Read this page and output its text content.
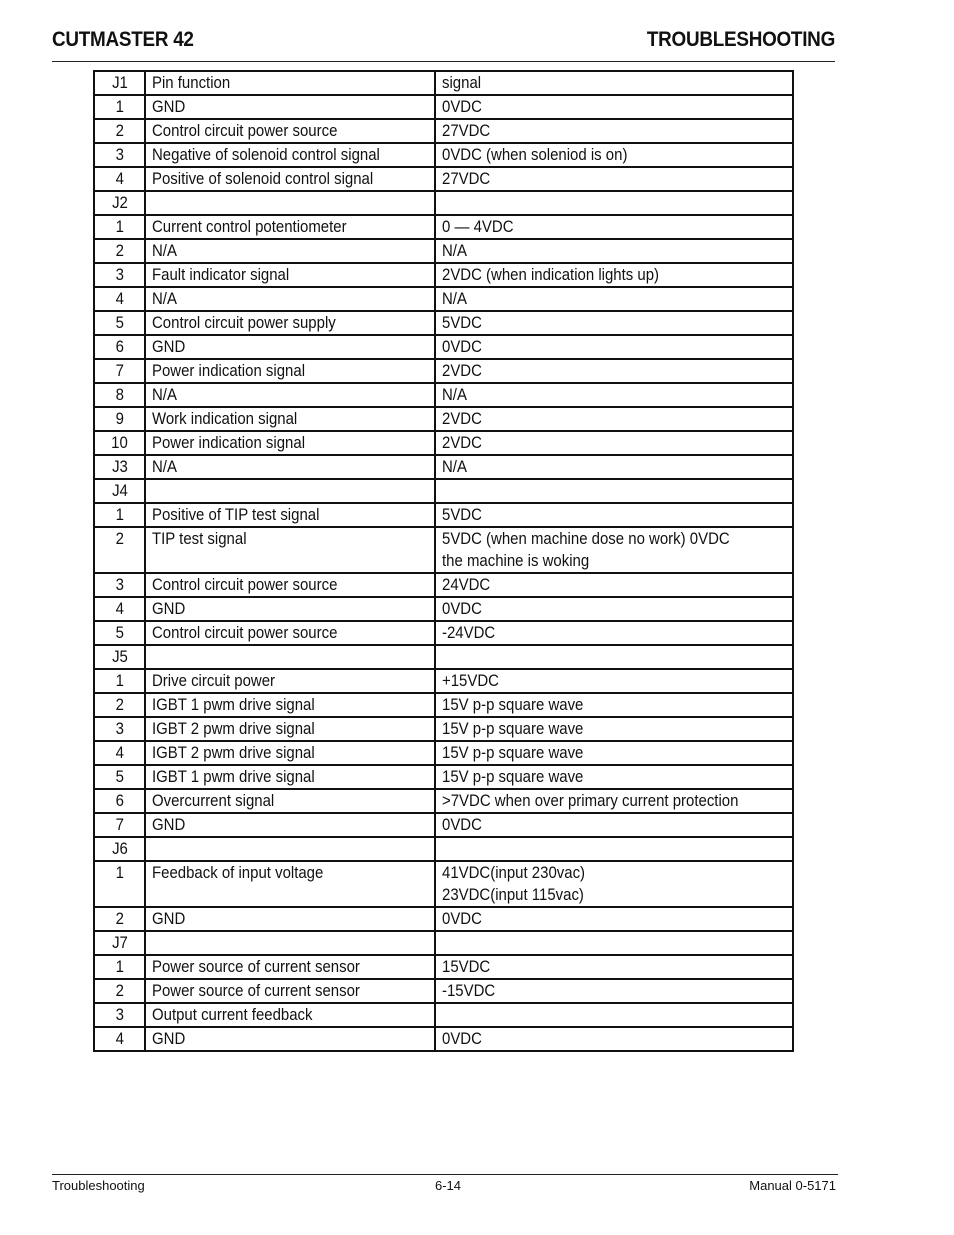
CUTMASTER 42	TROUBLESHOOTING
J1	Pin function	signal
1	GND	0VDC
2	Control circuit power source	27VDC
3	Negative of solenoid control signal	0VDC (when soleniod is on)
4	Positive of solenoid control signal	27VDC
J2		
1	Current control potentiometer	0 — 4VDC
2	N/A	N/A
3	Fault indicator signal	2VDC (when indication lights up)
4	N/A	N/A
5	Control circuit power supply	5VDC
6	GND	0VDC
7	Power indication signal	2VDC
8	N/A	N/A
9	Work indication signal	2VDC
10	Power indication signal	2VDC
J3	N/A	N/A
J4		
1	Positive of TIP test signal	5VDC
2	TIP test signal	5VDC (when machine dose no work) 0VDC
the machine is woking
3	Control circuit power source	24VDC
4	GND	0VDC
5	Control circuit power source	-24VDC
J5		
1	Drive circuit power	+15VDC
2	IGBT 1 pwm drive signal	15V p-p square wave
3	IGBT 2 pwm drive signal	15V p-p square wave
4	IGBT 2 pwm drive signal	15V p-p square wave
5	IGBT 1 pwm drive signal	15V p-p square wave
6	Overcurrent signal	>7VDC when over primary current protection
7	GND	0VDC
J6		
1	Feedback of input voltage	41VDC(input 230vac)
23VDC(input 115vac)
2	GND	0VDC
J7		
1	Power source of current sensor	15VDC
2	Power source of current sensor	-15VDC
3	Output current feedback	
4	GND	0VDC
Troubleshooting	6-14	Manual 0-5171
